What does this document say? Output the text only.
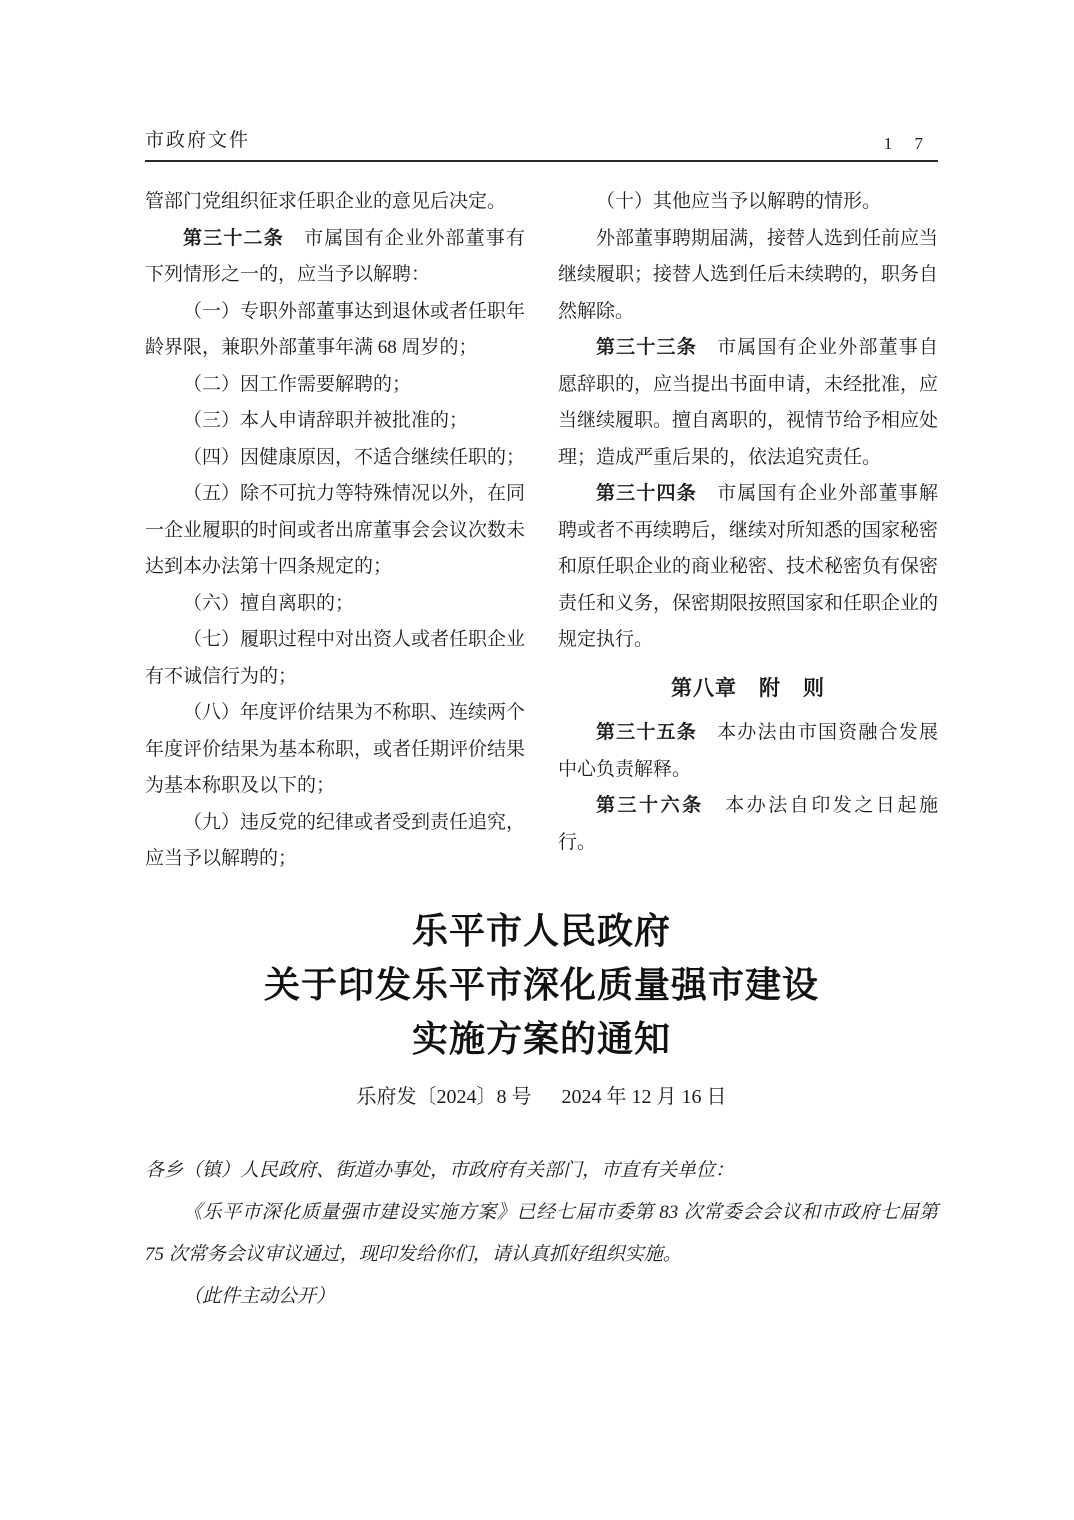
市政府文件	1 7

管部门党组织征求任职企业的意见后决定。

第三十二条　市属国有企业外部董事有下列情形之一的，应当予以解聘：

（一）专职外部董事达到退休或者任职年龄界限，兼职外部董事年满 68 周岁的；

（二）因工作需要解聘的；

（三）本人申请辞职并被批准的；

（四）因健康原因，不适合继续任职的；

（五）除不可抗力等特殊情况以外，在同一企业履职的时间或者出席董事会会议次数未达到本办法第十四条规定的；

（六）擅自离职的；

（七）履职过程中对出资人或者任职企业有不诚信行为的；

（八）年度评价结果为不称职、连续两个年度评价结果为基本称职，或者任期评价结果为基本称职及以下的；

（九）违反党的纪律或者受到责任追究，应当予以解聘的；

（十）其他应当予以解聘的情形。

外部董事聘期届满，接替人选到任前应当继续履职；接替人选到任后未续聘的，职务自然解除。

第三十三条　市属国有企业外部董事自愿辞职的，应当提出书面申请，未经批准，应当继续履职。擅自离职的，视情节给予相应处理；造成严重后果的，依法追究责任。

第三十四条　市属国有企业外部董事解聘或者不再续聘后，继续对所知悉的国家秘密和原任职企业的商业秘密、技术秘密负有保密责任和义务，保密期限按照国家和任职企业的规定执行。

第八章　附　则

第三十五条　本办法由市国资融合发展中心负责解释。

第三十六条　本办法自印发之日起施行。

乐平市人民政府
关于印发乐平市深化质量强市建设
实施方案的通知
乐府发〔2024〕8 号 2024 年 12 月 16 日

各乡（镇）人民政府、街道办事处，市政府有关部门，市直有关单位：

《乐平市深化质量强市建设实施方案》已经七届市委第 83 次常委会会议和市政府七届第 75 次常务会议审议通过，现印发给你们，请认真抓好组织实施。

（此件主动公开）
